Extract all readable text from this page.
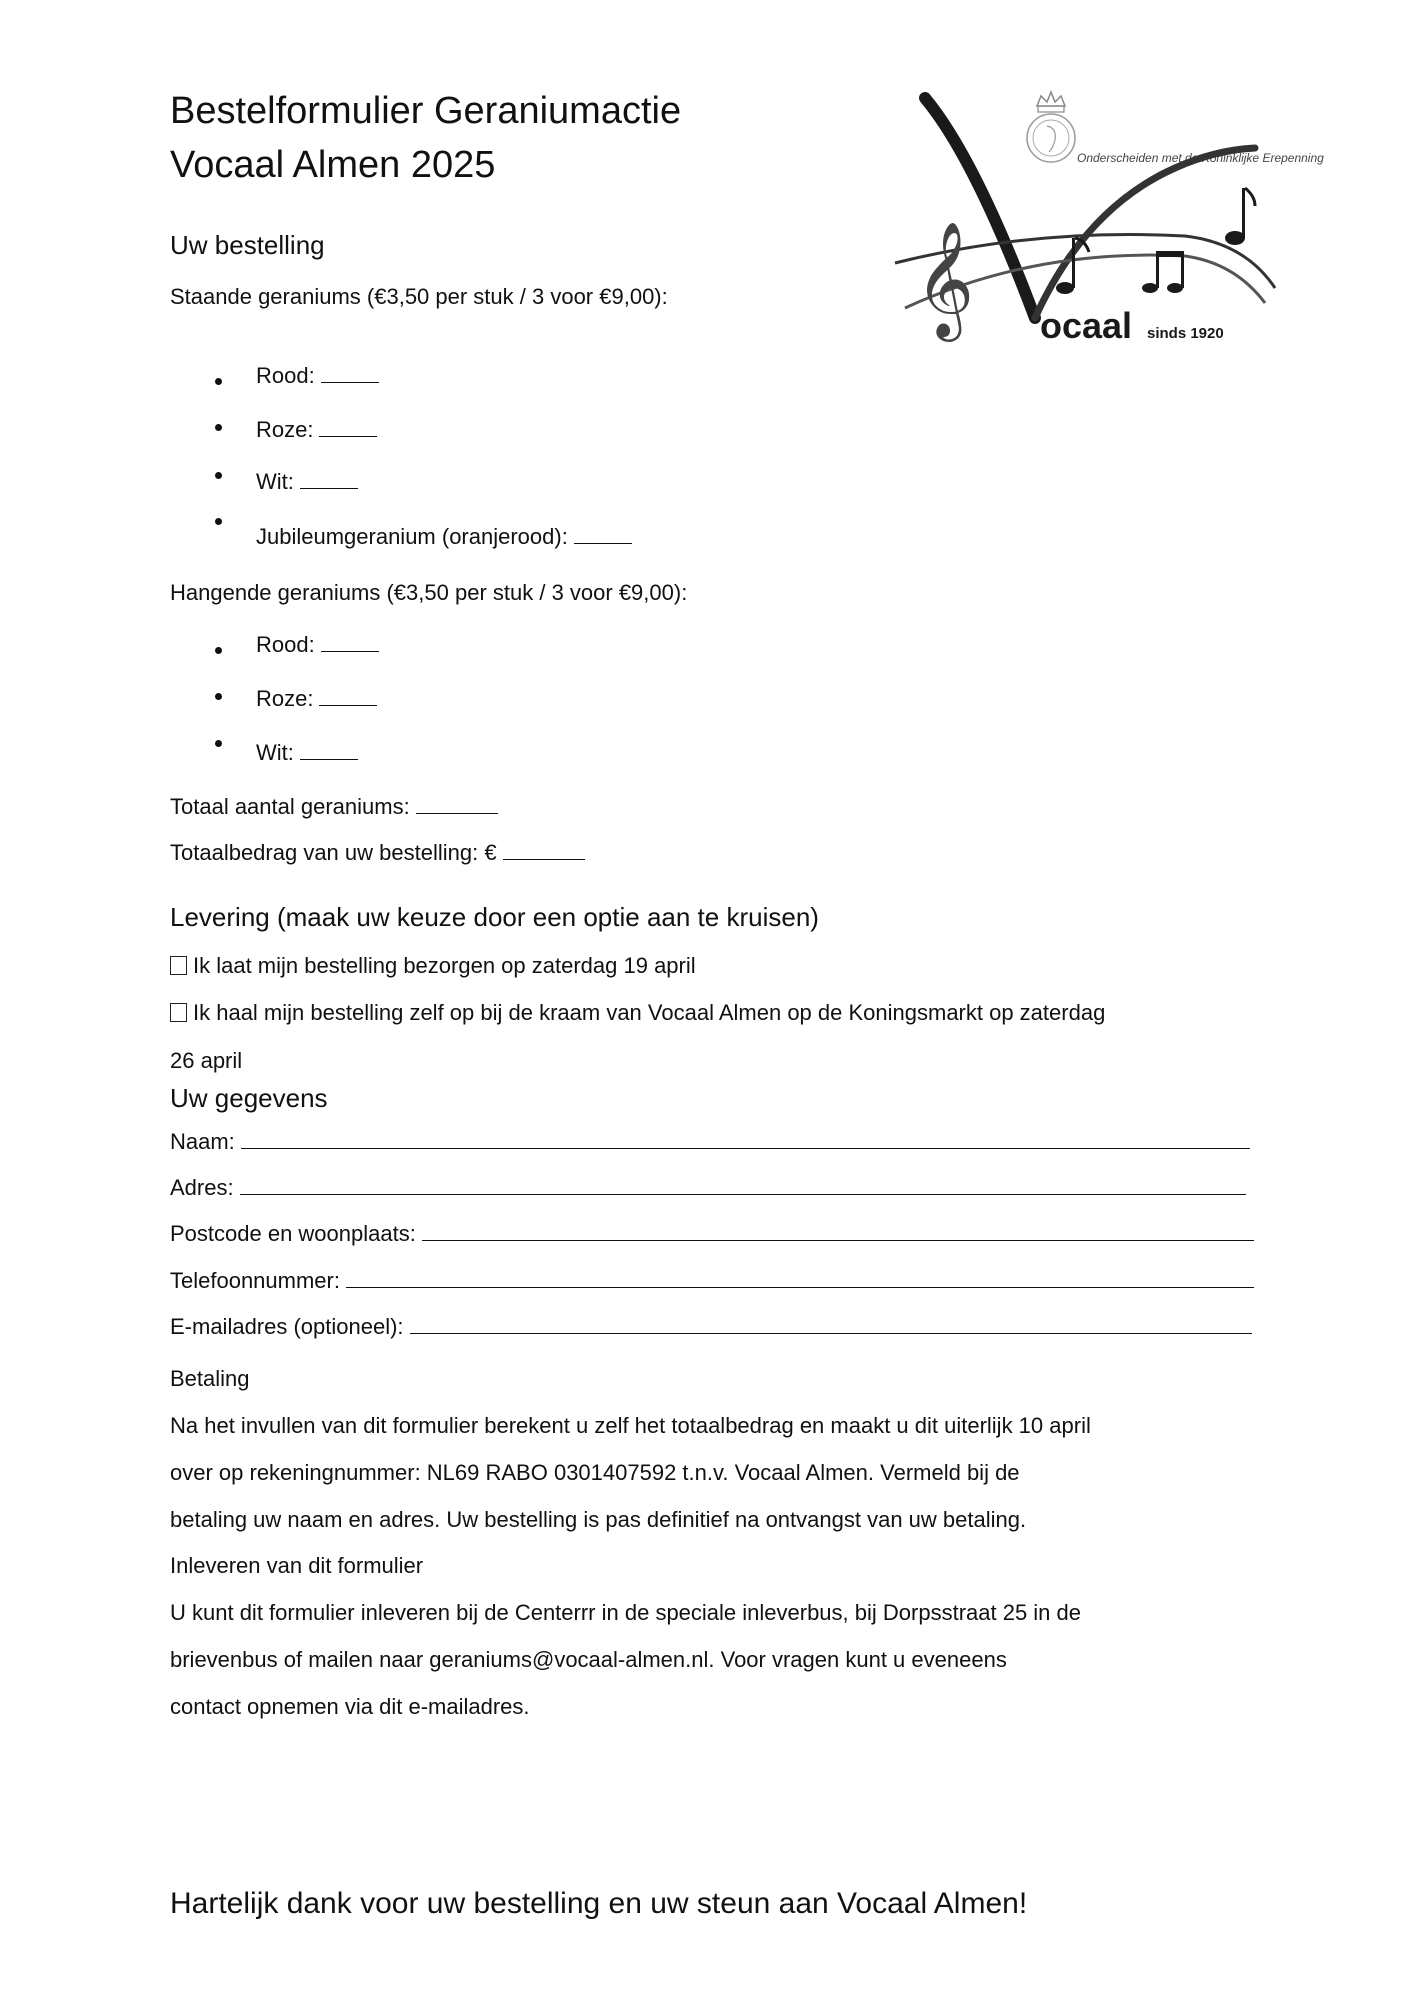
Bestelformulier Geraniumactie
Vocaal Almen 2025	Onderscheiden met de Koninklijke Erepenning
𝄞 ocaal sinds 1920
Uw bestelling
Staande geraniums (€3,50 per stuk / 3 voor €9,00):
Rood:
Roze:
Wit:
Jubileumgeranium (oranjerood):
Hangende geraniums (€3,50 per stuk / 3 voor €9,00):
Rood:
Roze:
Wit:
Totaal aantal geraniums:
Totaalbedrag van uw bestelling: €
Levering (maak uw keuze door een optie aan te kruisen)
Ik laat mijn bestelling bezorgen op zaterdag 19 april
Ik haal mijn bestelling zelf op bij de kraam van Vocaal Almen op de Koningsmarkt op zaterdag
26 april
Uw gegevens
Naam:
Adres:
Postcode en woonplaats:
Telefoonnummer:
E-mailadres (optioneel):
Betaling
Na het invullen van dit formulier berekent u zelf het totaalbedrag en maakt u dit uiterlijk 10 april
over op rekeningnummer: NL69 RABO 0301407592 t.n.v. Vocaal Almen. Vermeld bij de
betaling uw naam en adres. Uw bestelling is pas definitief na ontvangst van uw betaling.
Inleveren van dit formulier
U kunt dit formulier inleveren bij de Centerrr in de speciale inleverbus, bij Dorpsstraat 25 in de
brievenbus of mailen naar geraniums@vocaal-almen.nl. Voor vragen kunt u eveneens
contact opnemen via dit e-mailadres.
Hartelijk dank voor uw bestelling en uw steun aan Vocaal Almen!
